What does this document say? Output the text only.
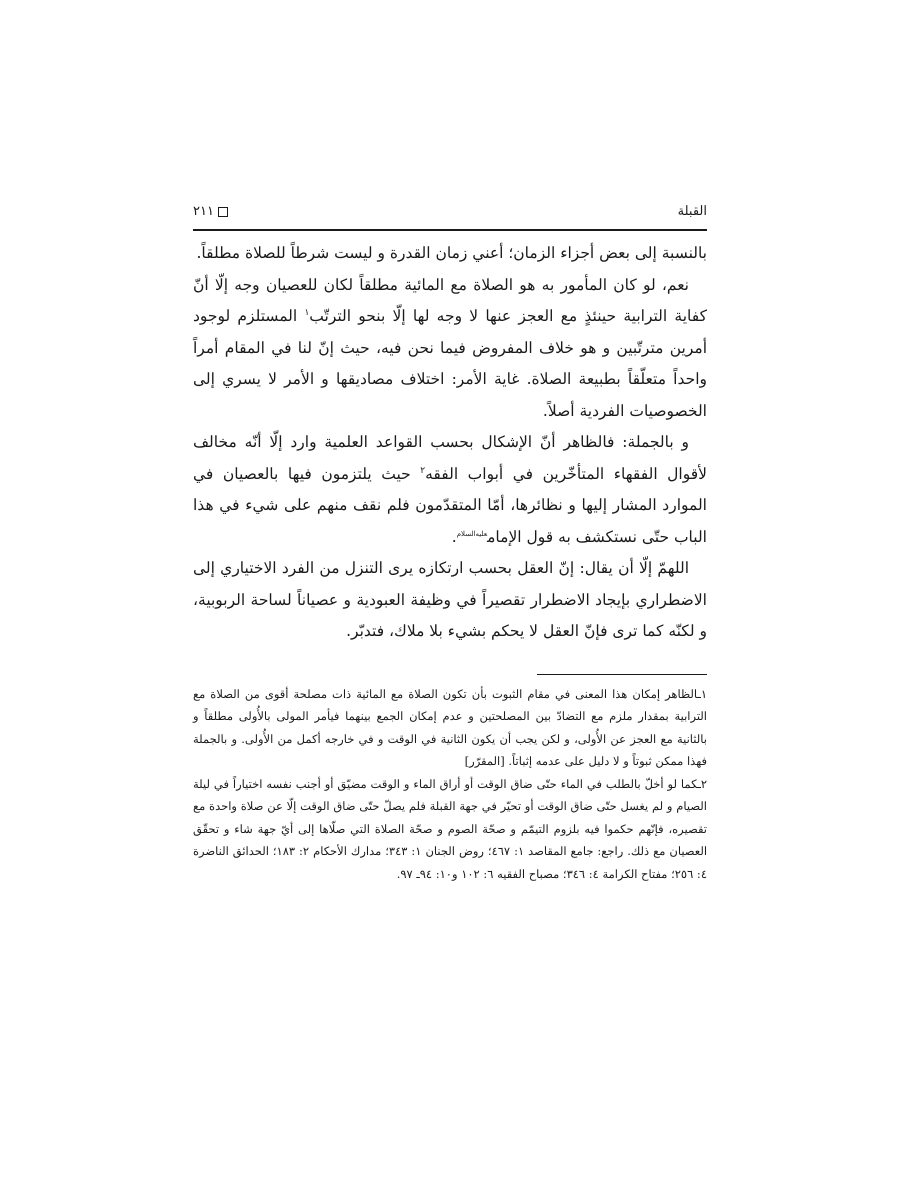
القبلة
٢١١

بالنسبة إلى بعض أجزاء الزمان؛ أعني زمان القدرة و ليست شرطاً للصلاة مطلقاً.

نعم، لو كان المأمور به هو الصلاة مع المائية مطلقاً لكان للعصيان وجه إلّا أنّ كفاية الترابية حينئذٍ مع العجز عنها لا وجه لها إلّا بنحو الترتّب$^١$ المستلزم لوجود أمرين مترتّبين و هو خلاف المفروض فيما نحن فيه، حيث إنّ لنا في المقام أمراً واحداً متعلّقاً بطبيعة الصلاة. غاية الأمر: اختلاف مصاديقها و الأمر لا يسري إلى الخصوصيات الفردية أصلاً.

و بالجملة: فالظاهر أنّ الإشكال بحسب القواعد العلمية وارد إلّا أنّه مخالف لأقوال الفقهاء المتأخّرين في أبواب الفقه$^٢$ حيث يلتزمون فيها بالعصيان في الموارد المشار إليها و نظائرها، أمّا المتقدّمون فلم نقف منهم على شيء في هذا الباب حتّى نستكشف به قول الإمام$^{عليه‌السلام}$.

اللهمّ إلّا أن يقال: إنّ العقل بحسب ارتكازه يرى التنزل من الفرد الاختياري إلى الاضطراري بإيجاد الاضطرار تقصيراً في وظيفة العبودية و عصياناً لساحة الربوبية، و لكنّه كما ترى فإنّ العقل لا يحكم بشيء بلا ملاك، فتدبّر.

١ـالظاهر إمكان هذا المعنى في مقام الثبوت بأن تكون الصلاة مع المائية ذات مصلحة أقوى من الصلاة مع الترابية بمقدار ملزم مع التضادّ بين المصلحتين و عدم إمكان الجمع بينهما فيأمر المولى بالأُولى مطلقاً و بالثانية مع العجز عن الأُولى، و لكن يجب أن يكون الثانية في الوقت و في خارجه أكمل من الأُولى. و بالجملة فهذا ممكن ثبوتاً و لا دليل على عدمه إثباتاً. [المقرّر]

٢ـكما لو أخلّ بالطلب في الماء حتّى ضاق الوقت أو أراق الماء و الوقت مضيّق أو أجنب نفسه اختياراً في ليلة الصيام و لم يغسل حتّى ضاق الوقت أو تحيّر في جهة القبلة فلم يصلّ حتّى ضاق الوقت إلّا عن صلاة واحدة مع تقصيره، فإنّهم حكموا فيه بلزوم التيمّم و صحّة الصوم و صحّة الصلاة التي صلّاها إلى أيّ جهة شاء و تحقّق العصيان مع ذلك. راجع: جامع المقاصد ١: ٤٦٧؛ روض الجنان ١: ٣٤٣؛ مدارك الأحكام ٢: ١٨٣؛ الحدائق الناضرة ٤: ٢٥٦؛ مفتاح الكرامة ٤: ٣٤٦؛ مصباح الفقيه ٦: ١٠٢ و١٠: ٩٤ـ ٩٧.
